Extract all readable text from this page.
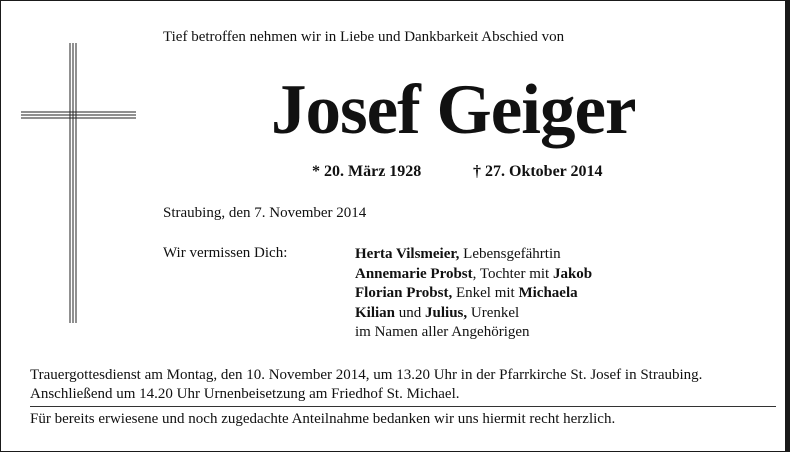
Tief betroffen nehmen wir in Liebe und Dankbarkeit Abschied von
Josef Geiger
* 20. März 1928	† 27. Oktober 2014
Straubing, den 7. November 2014
Wir vermissen Dich:	Herta Vilsmeier, Lebensgefährtin
Annemarie Probst, Tochter mit Jakob
Florian Probst, Enkel mit Michaela
Kilian und Julius, Urenkel
im Namen aller Angehörigen
Trauergottesdienst am Montag, den 10. November 2014, um 13.20 Uhr in der Pfarrkirche St. Josef in Straubing.
Anschließend um 14.20 Uhr Urnenbeisetzung am Friedhof St. Michael.
Für bereits erwiesene und noch zugedachte Anteilnahme bedanken wir uns hiermit recht herzlich.
